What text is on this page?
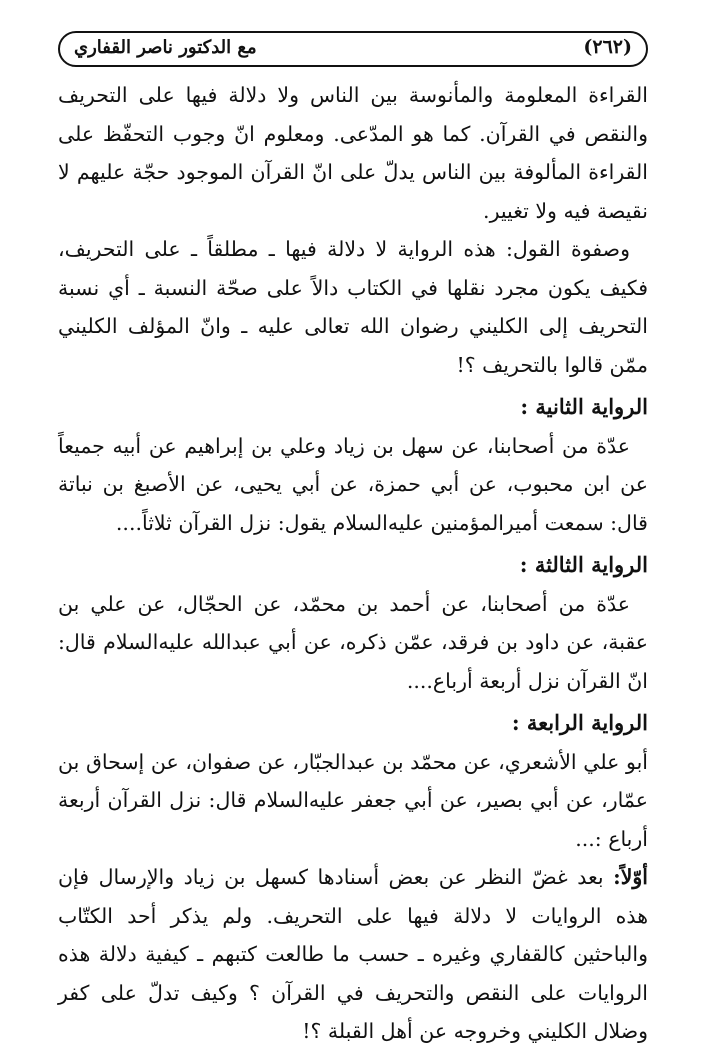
(٢٦٢)
مع الدكتور ناصر القفاري

القراءة المعلومة والمأنوسة بين الناس ولا دلالة فيها على التحريف والنقص في القرآن. كما هو المدّعى. ومعلوم انّ وجوب التحفّظ على القراءة المألوفة بين الناس يدلّ على انّ القرآن الموجود حجّة عليهم لا نقيصة فيه ولا تغيير.

وصفوة القول: هذه الرواية لا دلالة فيها ـ مطلقاً ـ على التحريف، فكيف يكون مجرد نقلها في الكتاب دالاً على صحّة النسبة ـ أي نسبة التحريف إلى الكليني رضوان الله تعالى عليه ـ وانّ المؤلف الكليني ممّن قالوا بالتحريف ؟!

الرواية الثانية :

عدّة من أصحابنا، عن سهل بن زياد وعلي بن إبراهيم عن أبيه جميعاً عن ابن محبوب، عن أبي حمزة، عن أبي يحيى، عن الأصبغ بن نباتة قال: سمعت أميرالمؤمنين عليه‌السلام يقول: نزل القرآن ثلاثاً....

الرواية الثالثة :

عدّة من أصحابنا، عن أحمد بن محمّد، عن الحجّال، عن علي بن عقبة، عن داود بن فرقد، عمّن ذكره، عن أبي عبدالله عليه‌السلام قال: انّ القرآن نزل أربعة أرباع....

الرواية الرابعة :

أبو علي الأشعري، عن محمّد بن عبدالجبّار، عن صفوان، عن إسحاق بن عمّار، عن أبي بصير، عن أبي جعفر عليه‌السلام قال: نزل القرآن أربعة أرباع :...

أوّلاً: بعد غضّ النظر عن بعض أسنادها كسهل بن زياد والإرسال فإن هذه الروايات لا دلالة فيها على التحريف. ولم يذكر أحد الكتّاب والباحثين كالقفاري وغيره ـ حسب ما طالعت كتبهم ـ كيفية دلالة هذه الروايات على النقص والتحريف في القرآن ؟ وكيف تدلّ على كفر وضلال الكليني وخروجه عن أهل القبلة ؟!
